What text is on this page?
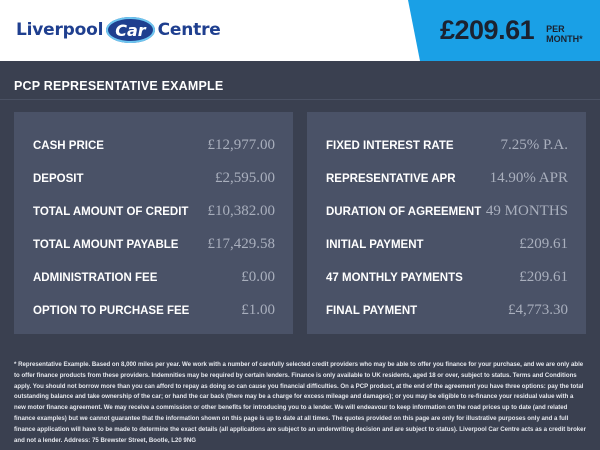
Liverpool Car Centre	£209.61 PER MONTH*
PCP REPRESENTATIVE EXAMPLE
CASH PRICE	£12,977.00
DEPOSIT	£2,595.00
TOTAL AMOUNT OF CREDIT £10,382.00
TOTAL AMOUNT PAYABLE £17,429.58
ADMINISTRATION FEE	£0.00
OPTION TO PURCHASE FEE	£1.00
FIXED INTEREST RATE	7.25% P.A.
REPRESENTATIVE APR 14.90% APR
DURATION OF AGREEMENT 49 MONTHS
INITIAL PAYMENT	£209.61
47 MONTHLY PAYMENTS	£209.61
FINAL PAYMENT	£4,773.30
* Representative Example. Based on 8,000 miles per year. We work with a number of carefully selected credit providers who may be able to offer you finance for your purchase, and we are only able to offer finance products from these providers. Indemnities may be required by certain lenders. Finance is only available to UK residents, aged 18 or over, subject to status. Terms and Conditions apply. You should not borrow more than you can afford to repay as doing so can cause you financial difficulties. On a PCP product, at the end of the agreement you have three options: pay the total outstanding balance and take ownership of the car; or hand the car back (there may be a charge for excess mileage and damages); or you may be eligible to re-finance your residual value with a new motor finance agreement. We may receive a commission or other benefits for introducing you to a lender. We will endeavour to keep information on the road prices up to date (and related finance examples) but we cannot guarantee that the information shown on this page is up to date at all times. The quotes provided on this page are only for illustrative purposes only and a full finance application will have to be made to determine the exact details (all applications are subject to an underwriting decision and are subject to status). Liverpool Car Centre acts as a credit broker and not a lender. Address: 75 Brewster Street, Bootle, L20 9NG
